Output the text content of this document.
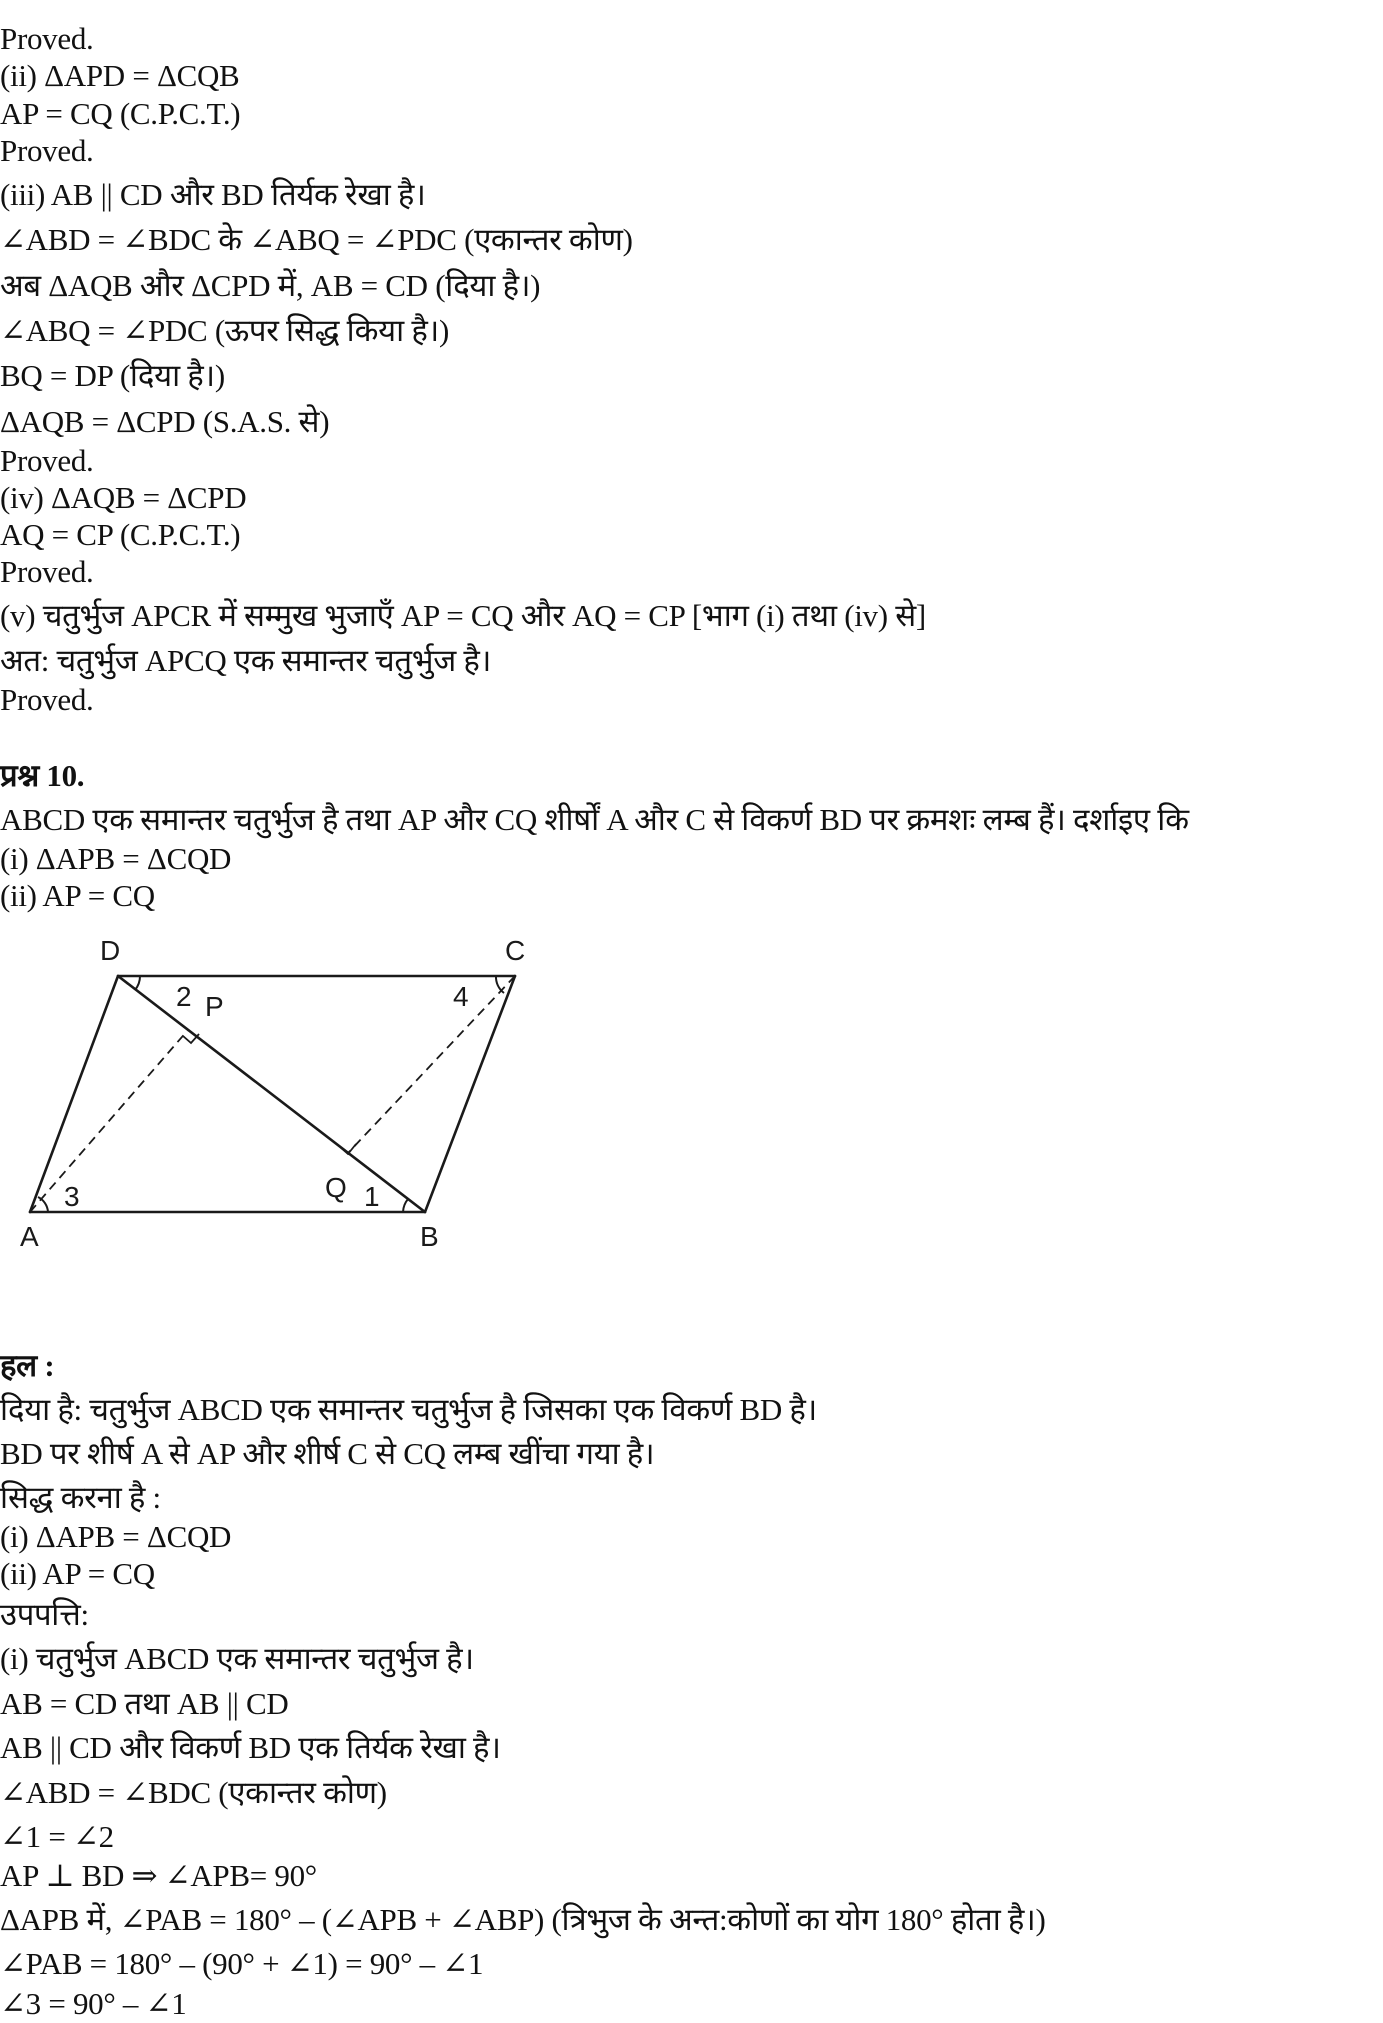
Proved.
(ii) ΔAPD = ΔCQB
AP = CQ (C.P.C.T.)
Proved.
(iii) AB || CD और BD तिर्यक रेखा है।
∠ABD = ∠BDC के ∠ABQ = ∠PDC (एकान्तर कोण)
अब ΔAQB और ΔCPD में, AB = CD (दिया है।)
∠ABQ = ∠PDC (ऊपर सिद्ध किया है।)
BQ = DP (दिया है।)
ΔAQB = ΔCPD (S.A.S. से)
Proved.
(iv) ΔAQB = ΔCPD
AQ = CP (C.P.C.T.)
Proved.
(v) चतुर्भुज APCR में सम्मुख भुजाएँ AP = CQ और AQ = CP [भाग (i) तथा (iv) से]
अत: चतुर्भुज APCQ एक समान्तर चतुर्भुज है।
Proved.
प्रश्न 10.
ABCD एक समान्तर चतुर्भुज है तथा AP और CQ शीर्षों A और C से विकर्ण BD पर क्रमशः लम्ब हैं। दर्शाइए कि
(i) ΔAPB = ΔCQD
(ii) AP = CQ
D	C
A	B
P
Q
2	4
3	1
हल :
दिया है: चतुर्भुज ABCD एक समान्तर चतुर्भुज है जिसका एक विकर्ण BD है।
BD पर शीर्ष A से AP और शीर्ष C से CQ लम्ब खींचा गया है।
सिद्ध करना है :
(i) ΔAPB = ΔCQD
(ii) AP = CQ
उपपत्ति:
(i) चतुर्भुज ABCD एक समान्तर चतुर्भुज है।
AB = CD तथा AB || CD
AB || CD और विकर्ण BD एक तिर्यक रेखा है।
∠ABD = ∠BDC (एकान्तर कोण)
∠1 = ∠2
AP ⊥ BD ⇒ ∠APB= 90°
ΔAPB में, ∠PAB = 180° – (∠APB + ∠ABP) (त्रिभुज के अन्त:कोणों का योग 180° होता है।)
∠PAB = 180° – (90° + ∠1) = 90° – ∠1
∠3 = 90° – ∠1
